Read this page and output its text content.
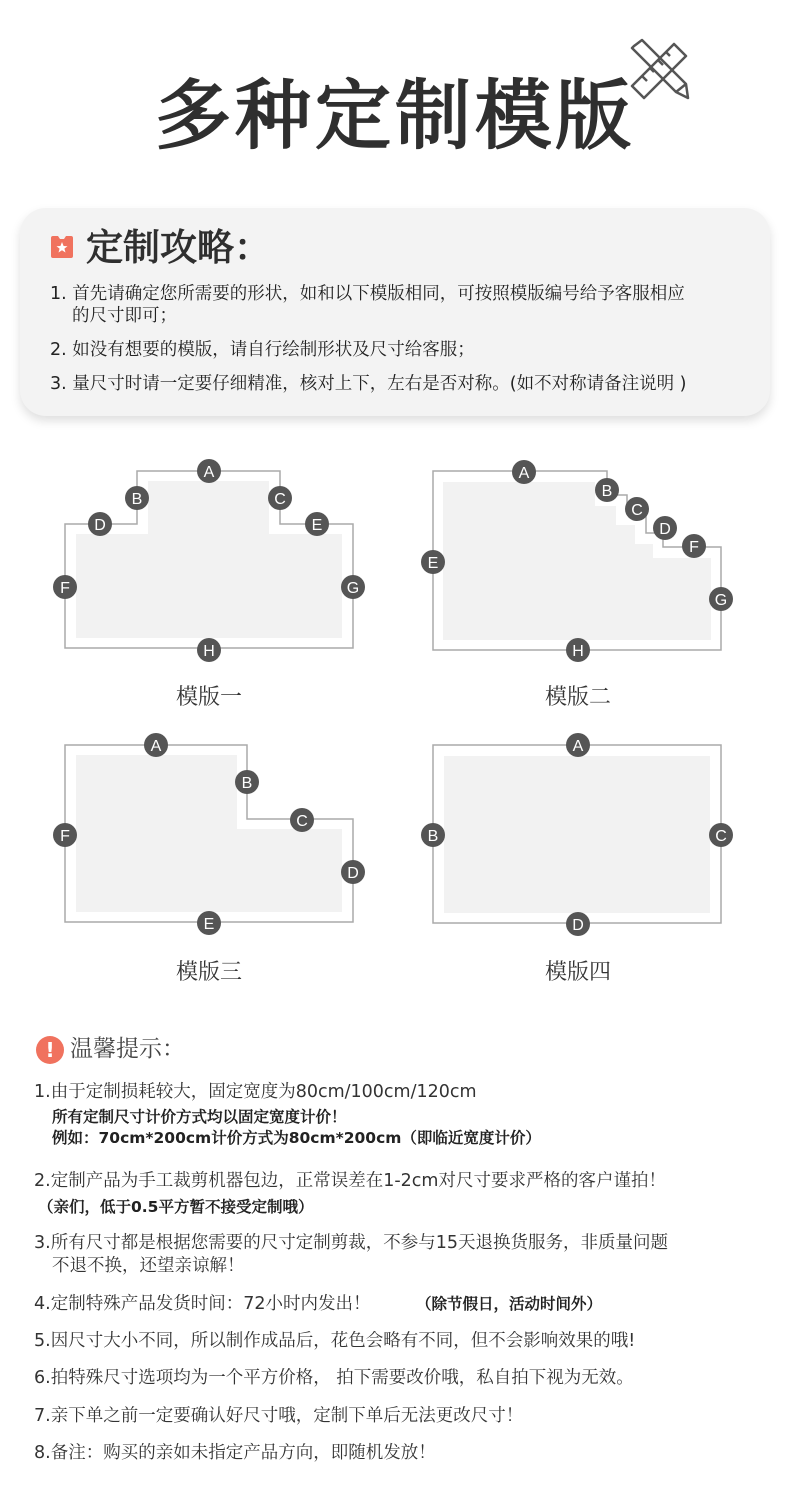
多种定制模版
定制攻略：
1. 首先请确定您所需要的形状，如和以下模版相同，可按照模版编号给予客服相应
的尺寸即可；
2. 如没有想要的模版，请自行绘制形状及尺寸给客服；
3. 量尺寸时请一定要仔细精准，核对上下，左右是否对称。(如不对称请备注说明 )
A
B	C
D	E
F	G
H
模版一
A
B
C
D
E
F
G
H
模版二
A
B
C
D
E
F
模版三
A
B	C
D
模版四
! 温馨提示：
1.由于定制损耗较大，固定宽度为80cm/100cm/120cm
所有定制尺寸计价方式均以固定宽度计价！
例如：70cm*200cm计价方式为80cm*200cm（即临近宽度计价）
2.定制产品为手工裁剪机器包边，正常误差在1-2cm对尺寸要求严格的客户谨拍！
（亲们，低于0.5平方暂不接受定制哦）
3.所有尺寸都是根据您需要的尺寸定制剪裁，不参与15天退换货服务，非质量问题
不退不换，还望亲谅解！
4.定制特殊产品发货时间：72小时内发出！	（除节假日，活动时间外）
5.因尺寸大小不同，所以制作成品后，花色会略有不同，但不会影响效果的哦!
6.拍特殊尺寸选项均为一个平方价格， 拍下需要改价哦，私自拍下视为无效。
7.亲下单之前一定要确认好尺寸哦，定制下单后无法更改尺寸！
8.备注：购买的亲如未指定产品方向，即随机发放！
